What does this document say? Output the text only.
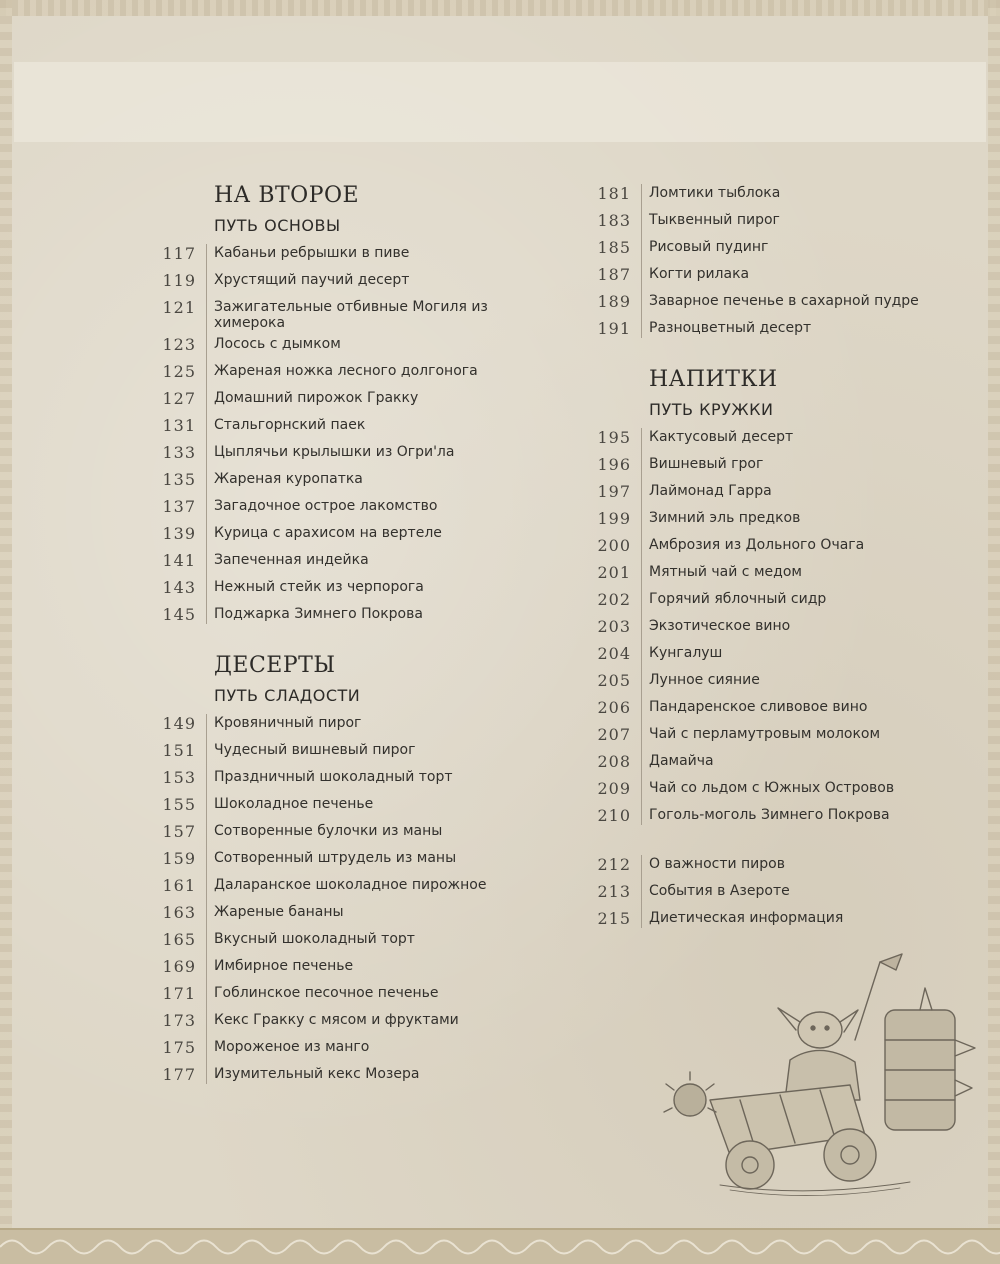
НА ВТОРОЕ
ПУТЬ ОСНОВЫ
117 Кабаньи ребрышки в пиве
119 Хрустящий паучий десерт
121 Зажигательные отбивные Могиля из химерока
123 Лосось с дымком
125 Жареная ножка лесного долгонога
127 Домашний пирожок Гракку
131 Стальгорнский паек
133 Цыплячьи крылышки из Огри'ла
135 Жареная куропатка
137 Загадочное острое лакомство
139 Курица с арахисом на вертеле
141 Запеченная индейка
143 Нежный стейк из черпорога
145 Поджарка Зимнего Покрова
ДЕСЕРТЫ
ПУТЬ СЛАДОСТИ
149 Кровяничный пирог
151 Чудесный вишневый пирог
153 Праздничный шоколадный торт
155 Шоколадное печенье
157 Сотворенные булочки из маны
159 Сотворенный штрудель из маны
161 Даларанское шоколадное пирожное
163 Жареные бананы
165 Вкусный шоколадный торт
169 Имбирное печенье
171 Гоблинское песочное печенье
173 Кекс Гракку с мясом и фруктами
175 Мороженое из манго
177 Изумительный кекс Мозера
181 Ломтики тыблока
183 Тыквенный пирог
185 Рисовый пудинг
187 Когти рилака
189 Заварное печенье в сахарной пудре
191 Разноцветный десерт
НАПИТКИ
ПУТЬ КРУЖКИ
195 Кактусовый десерт
196 Вишневый грог
197 Лаймонад Гарра
199 Зимний эль предков
200 Амброзия из Дольного Очага
201 Мятный чай с медом
202 Горячий яблочный сидр
203 Экзотическое вино
204 Кунгалуш
205 Лунное сияние
206 Пандаренское сливовое вино
207 Чай с перламутровым молоком
208 Дамайча
209 Чай со льдом с Южных Островов
210 Гоголь-моголь Зимнего Покрова
212 О важности пиров
213 События в Азероте
215 Диетическая информация
